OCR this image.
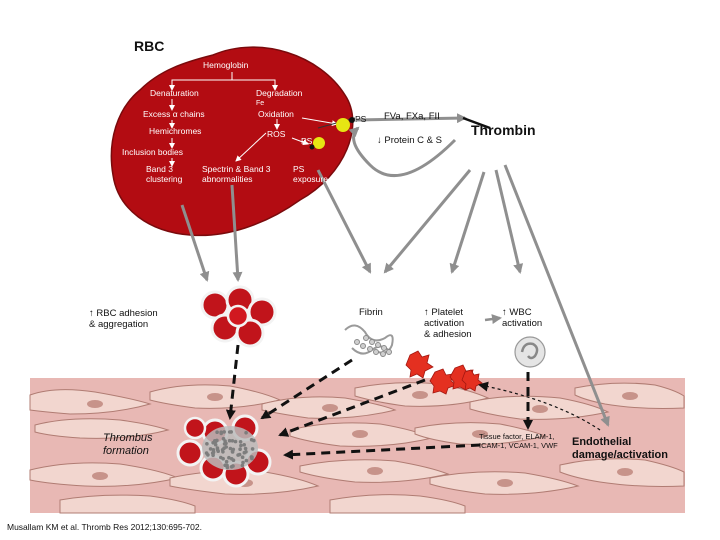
RBC
Hemoglobin
Denaturation	Degradation
Fe
Excess α chains	Oxidation
Hemichromes	ROS
Inclusion bodies
Band 3
clustering
Spectrin & Band 3
abnormalities
PS
exposure
PS
PS FVa, FXa, FII
↓ Protein C & S
Thrombin
↑ RBC adhesion
& aggregation
Fibrin	↑ Platelet
activation
& adhesion
↑ WBC
activation
Thrombus
formation
Tissue factor, ELAM-1,
ICAM-1, VCAM-1, VWF Endothelial
damage/activation
Musallam KM et al. Thromb Res 2012;130:695-702.
